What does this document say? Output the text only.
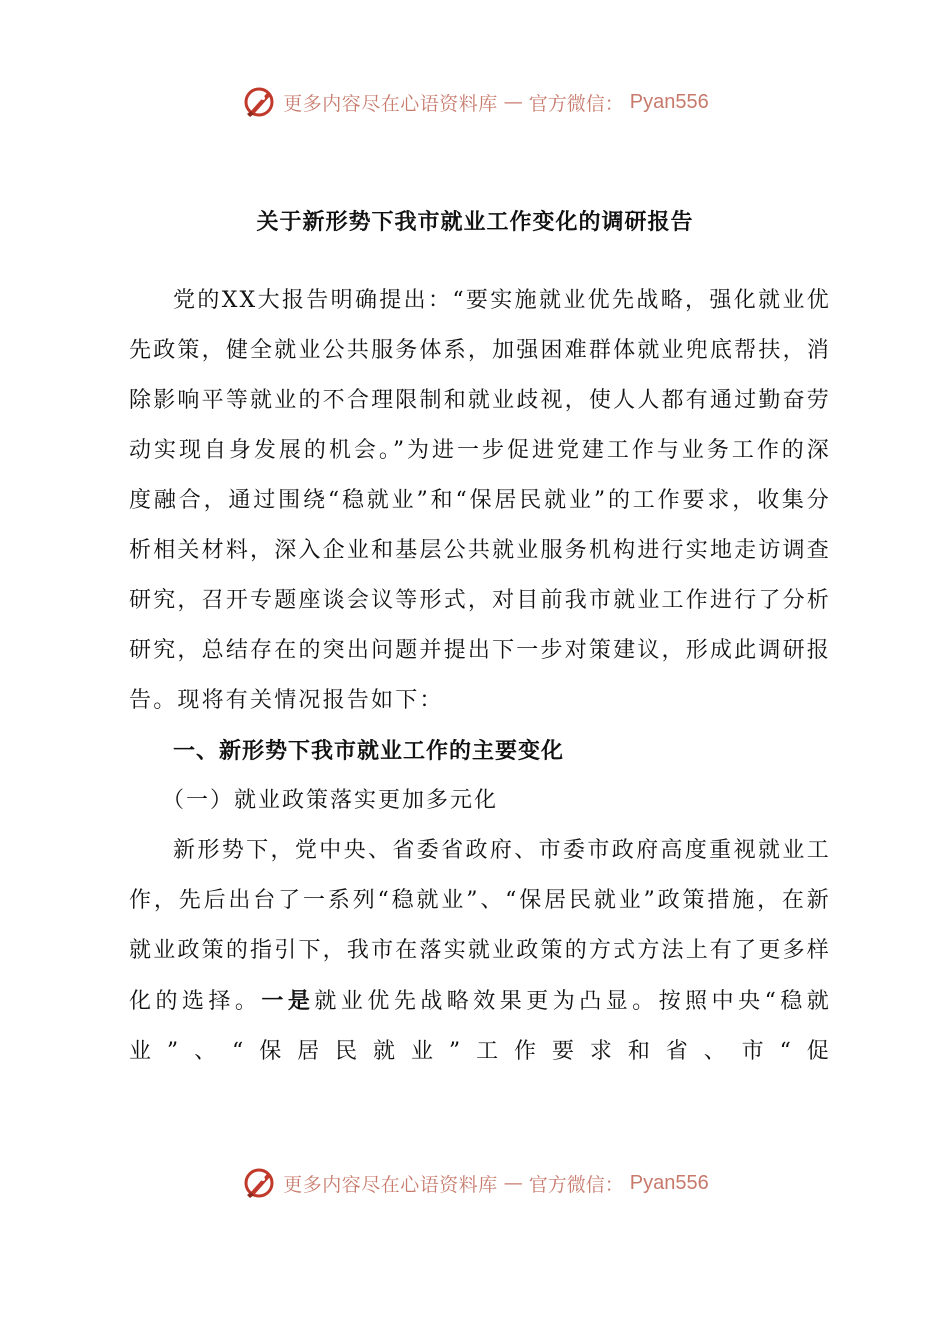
更多内容尽在心语资料库 — 官方微信： Pyan556
关于新形势下我市就业工作变化的调研报告

党的XX大报告明确提出：“要实施就业优先战略，强化就业优先政策，健全就业公共服务体系，加强困难群体就业兜底帮扶，消除影响平等就业的不合理限制和就业歧视，使人人都有通过勤奋劳动实现自身发展的机会。”为进一步促进党建工作与业务工作的深度融合，通过围绕“稳就业”和“保居民就业”的工作要求，收集分析相关材料，深入企业和基层公共就业服务机构进行实地走访调查研究，召开专题座谈会议等形式，对目前我市就业工作进行了分析研究，总结存在的突出问题并提出下一步对策建议，形成此调研报告。现将有关情况报告如下：

一、新形势下我市就业工作的主要变化

（一）就业政策落实更加多元化

新形势下，党中央、省委省政府、市委市政府高度重视就业工作，先后出台了一系列“稳就业”、“保居民就业”政策措施，在新就业政策的指引下，我市在落实就业政策的方式方法上有了更多样化的选择。一是就业优先战略效果更为凸显。按照中央“稳就业”、“保居民就业”工作要求和省、市“促

更多内容尽在心语资料库 — 官方微信： Pyan556
